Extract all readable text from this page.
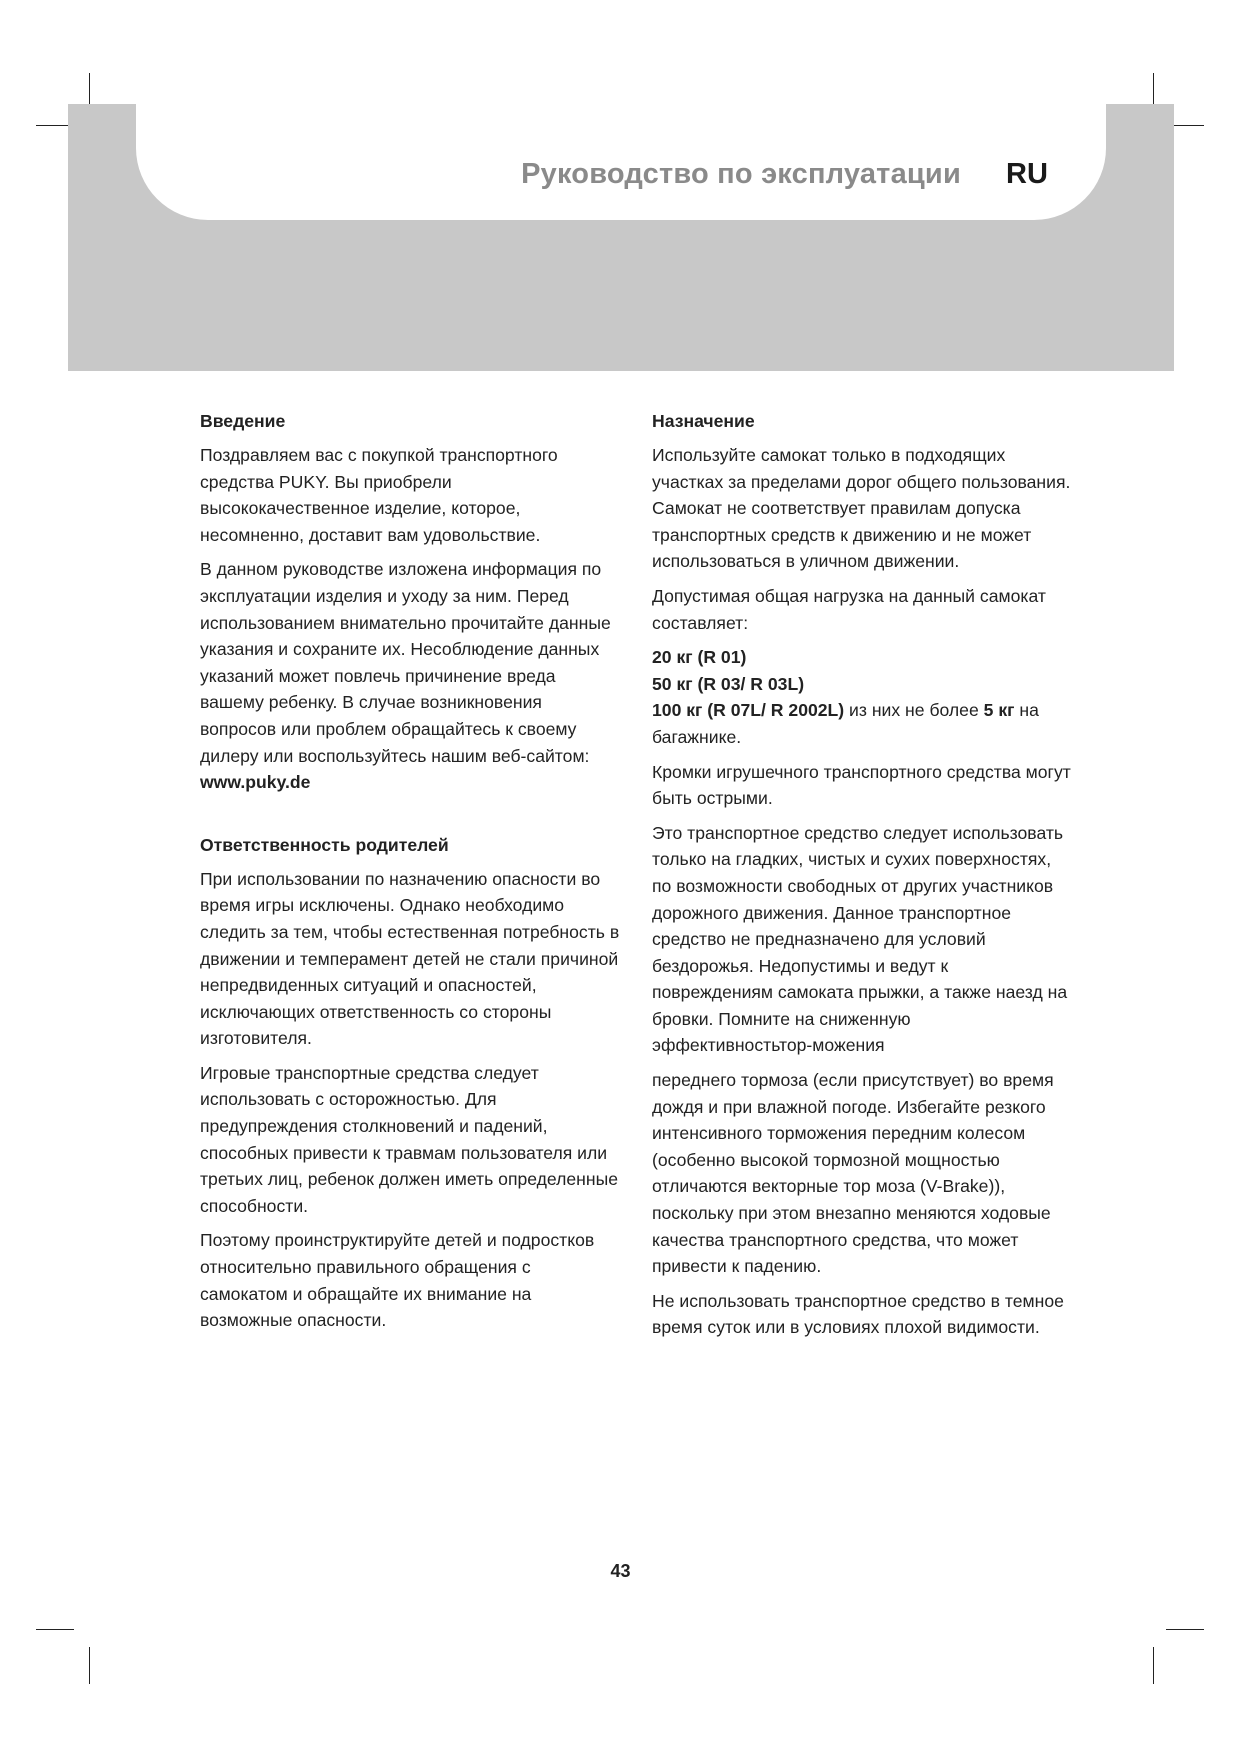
Руководство по эксплуатации RU
Введение

Поздравляем вас с покупкой транспортного средства PUKY. Вы приобрели высококачественное изделие, которое, несомненно, доставит вам удовольствие.

В данном руководстве изложена информация по эксплуатации изделия и уходу за ним. Перед использованием внимательно прочитайте данные указания и сохраните их. Несоблюдение данных указаний может повлечь причинение вреда вашему ребенку. В случае возникновения вопросов или проблем обращайтесь к своему дилеру или воспользуйтесь нашим веб-сайтом: www.puky.de

Ответственность родителей

При использовании по назначению опасности во время игры исключены. Однако необходимо следить за тем, чтобы естественная потребность в движении и темперамент детей не стали причиной непредвиденных ситуаций и опасностей, исключающих ответственность со стороны изготовителя.

Игровые транспортные средства следует использовать с осторожностью. Для предупреждения столкновений и падений, способных привести к травмам пользователя или третьих лиц, ребенок должен иметь определенные способности.

Поэтому проинструктируйте детей и подростков относительно правильного обращения с самокатом и обращайте их внимание на возможные опасности.

Назначение

Используйте самокат только в подходящих участках за пределами дорог общего пользования. Самокат не соответствует правилам допуска транспортных средств к движению и не может использоваться в уличном движении.

Допустимая общая нагрузка на данный самокат составляет:

20 кг (R 01)
50 кг (R 03/ R 03L)

100 кг (R 07L/ R 2002L) из них не более 5 кг на багажнике.

Кромки игрушечного транспортного средства могут быть острыми.

Это транспортное средство следует использовать только на гладких, чистых и сухих поверхностях, по возможности свободных от других участников дорожного движения. Данное транспортное средство не предназначено для условий бездорожья. Недопустимы и ведут к повреждениям самоката прыжки, а также наезд на бровки. Помните на сниженную эффективностьтор-можения

переднего тормоза (если присутствует) во время дождя и при влажной погоде. Избегайте резкого интенсивного торможения передним колесом (особенно высокой тормозной мощностью отличаются векторные тор моза (V-Brake)), поскольку при этом внезапно меняются ходовые качества транспортного средства, что может привести к падению.

Не использовать транспортное средство в темное время суток или в условиях плохой видимости.

43
